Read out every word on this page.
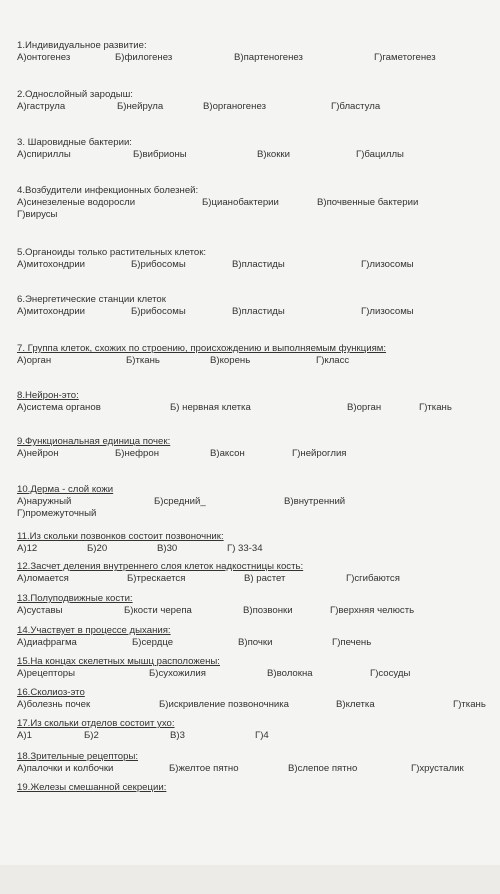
1.Индивидуальное развитие:
А)онтогенез	Б)филогенез	В)партеногенез	Г)гаметогенез
2.Однослойный зародыш:
А)гаструла	Б)нейрула	В)органогенез	Г)бластула
3. Шаровидные бактерии:
А)спириллы	Б)вибрионы	В)кокки	Г)бациллы
4.Возбудители инфекционных болезней:
А)синезеленые водоросли	Б)цианобактерии	В)почвенные бактерии
Г)вирусы
5.Органоиды только растительных клеток:
А)митохондрии	Б)рибосомы	В)пластиды	Г)лизосомы
6.Энергетические станции клеток
А)митохондрии	Б)рибосомы	В)пластиды	Г)лизосомы
7. Группа клеток, схожих по строению, происхождению и выполняемым функциям:
А)орган	Б)ткань	В)корень	Г)класс
8.Нейрон-это:
А)система органов	Б) нервная клетка	В)орган	Г)ткань
9.Функциональная единица почек:
А)нейрон	Б)нефрон	В)аксон	Г)нейроглия
10.Дерма - слой кожи
А)наружный	Б)средний_	В)внутренний
Г)промежуточный
11.Из скольки позвонков состоит позвоночник:
А)12	Б)20	В)30	Г) 33-34
12.Засчет деления внутреннего слоя клеток надкостницы кость:
А)ломается	Б)трескается	В) растет	Г)сгибаются
13.Полуподвижные кости:
А)суставы	Б)кости черепа	В)позвонки	Г)верхняя челюсть
14.Участвует в процессе дыхания:
А)диафрагма	Б)сердце	В)почки	Г)печень
15.На концах скелетных мышц расположены:
А)рецепторы	Б)сухожилия	В)волокна	Г)сосуды
16.Сколиоз-это
А)болезнь почек	Б)искривление позвоночника	В)клетка	Г)ткань
17.Из скольки отделов состоит ухо:
А)1	Б)2	В)3	Г)4
18.Зрительные рецепторы:
А)палочки и колбочки	Б)желтое пятно	В)слепое пятно	Г)хрусталик
19.Железы смешанной секреции:
